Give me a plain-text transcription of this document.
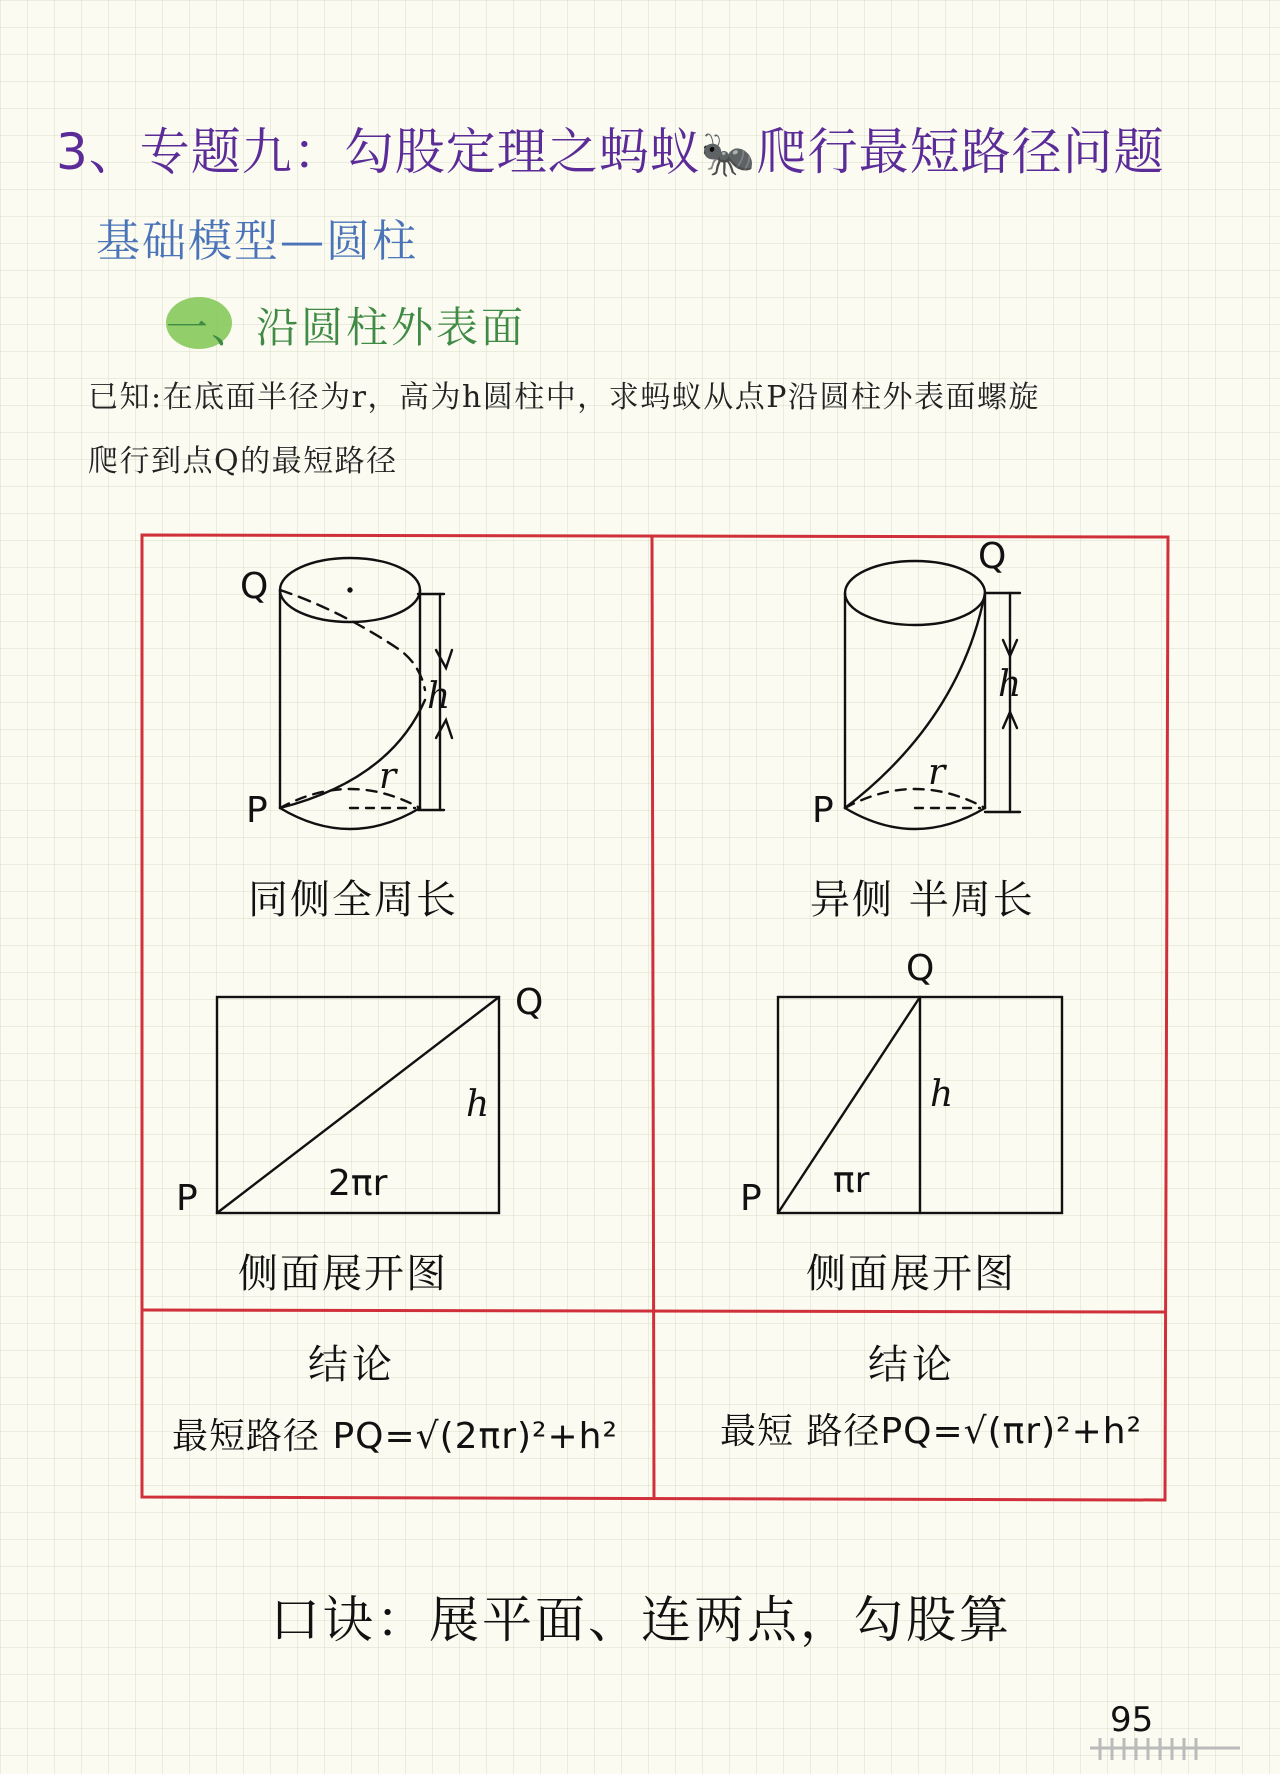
3、专题九：勾股定理之蚂蚁🐜爬行最短路径问题
基础模型—圆柱
一、沿圆柱外表面
已知:在底面半径为r，高为h圆柱中，求蚂蚁从点P沿圆柱外表面螺旋
爬行到点Q的最短路径
Q
P
h
r
同侧全周长
Q
P
h
2πr
侧面展开图
结论
最短路径 PQ=√(2πr)²+h²
Q
P
h
r
异侧 半周长
Q
P
h
πr
侧面展开图
结论
最短 路径PQ=√(πr)²+h²
口诀：展平面、连两点，勾股算
95
